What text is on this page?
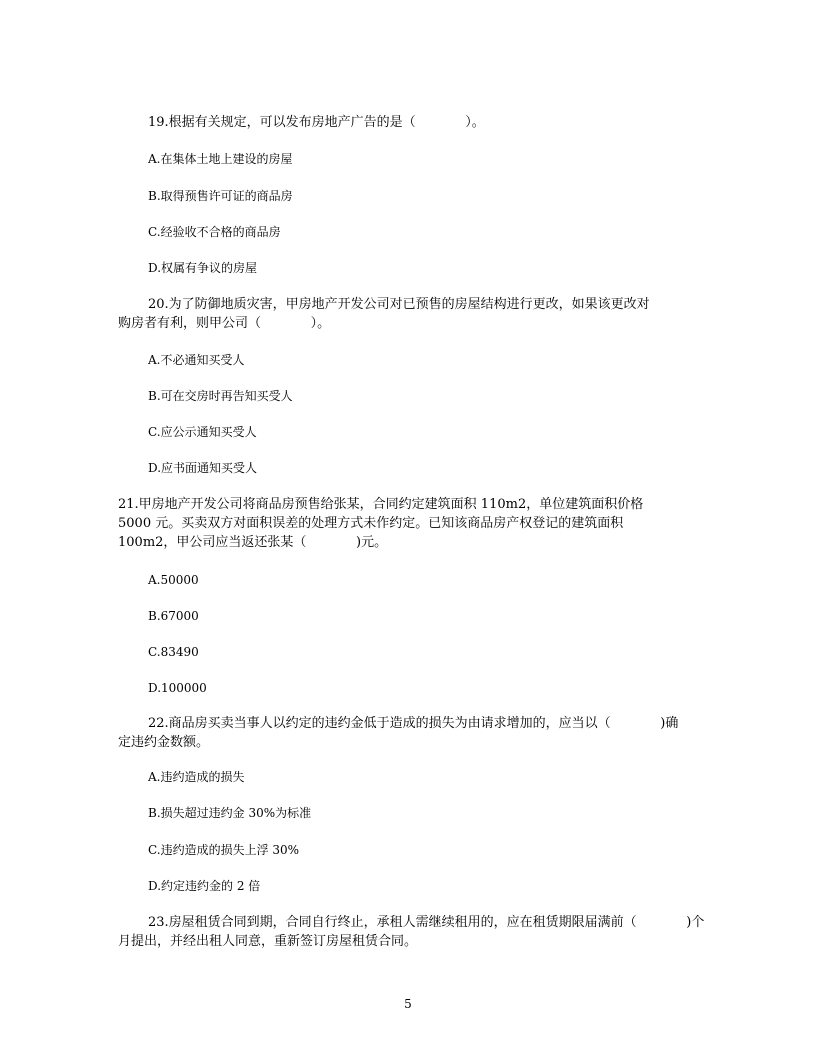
19.根据有关规定，可以发布房地产广告的是（            ）。
A.在集体土地上建设的房屋
B.取得预售许可证的商品房
C.经验收不合格的商品房
D.权属有争议的房屋
20.为了防御地质灾害，甲房地产开发公司对已预售的房屋结构进行更改，如果该更改对
购房者有利，则甲公司（            ）。
A.不必通知买受人
B.可在交房时再告知买受人
C.应公示通知买受人
D.应书面通知买受人
21.甲房地产开发公司将商品房预售给张某，合同约定建筑面积 110m2，单位建筑面积价格
5000 元。买卖双方对面积误差的处理方式未作约定。已知该商品房产权登记的建筑面积
100m2，甲公司应当返还张某（            )元。
A.50000
B.67000
C.83490
D.100000
22.商品房买卖当事人以约定的违约金低于造成的损失为由请求增加的，应当以（            )确
定违约金数额。
A.违约造成的损失
B.损失超过违约金 30%为标准
C.违约造成的损失上浮 30%
D.约定违约金的 2 倍
23.房屋租赁合同到期，合同自行终止，承租人需继续租用的，应在租赁期限届满前（            )个
月提出，并经出租人同意，重新签订房屋租赁合同。
5
